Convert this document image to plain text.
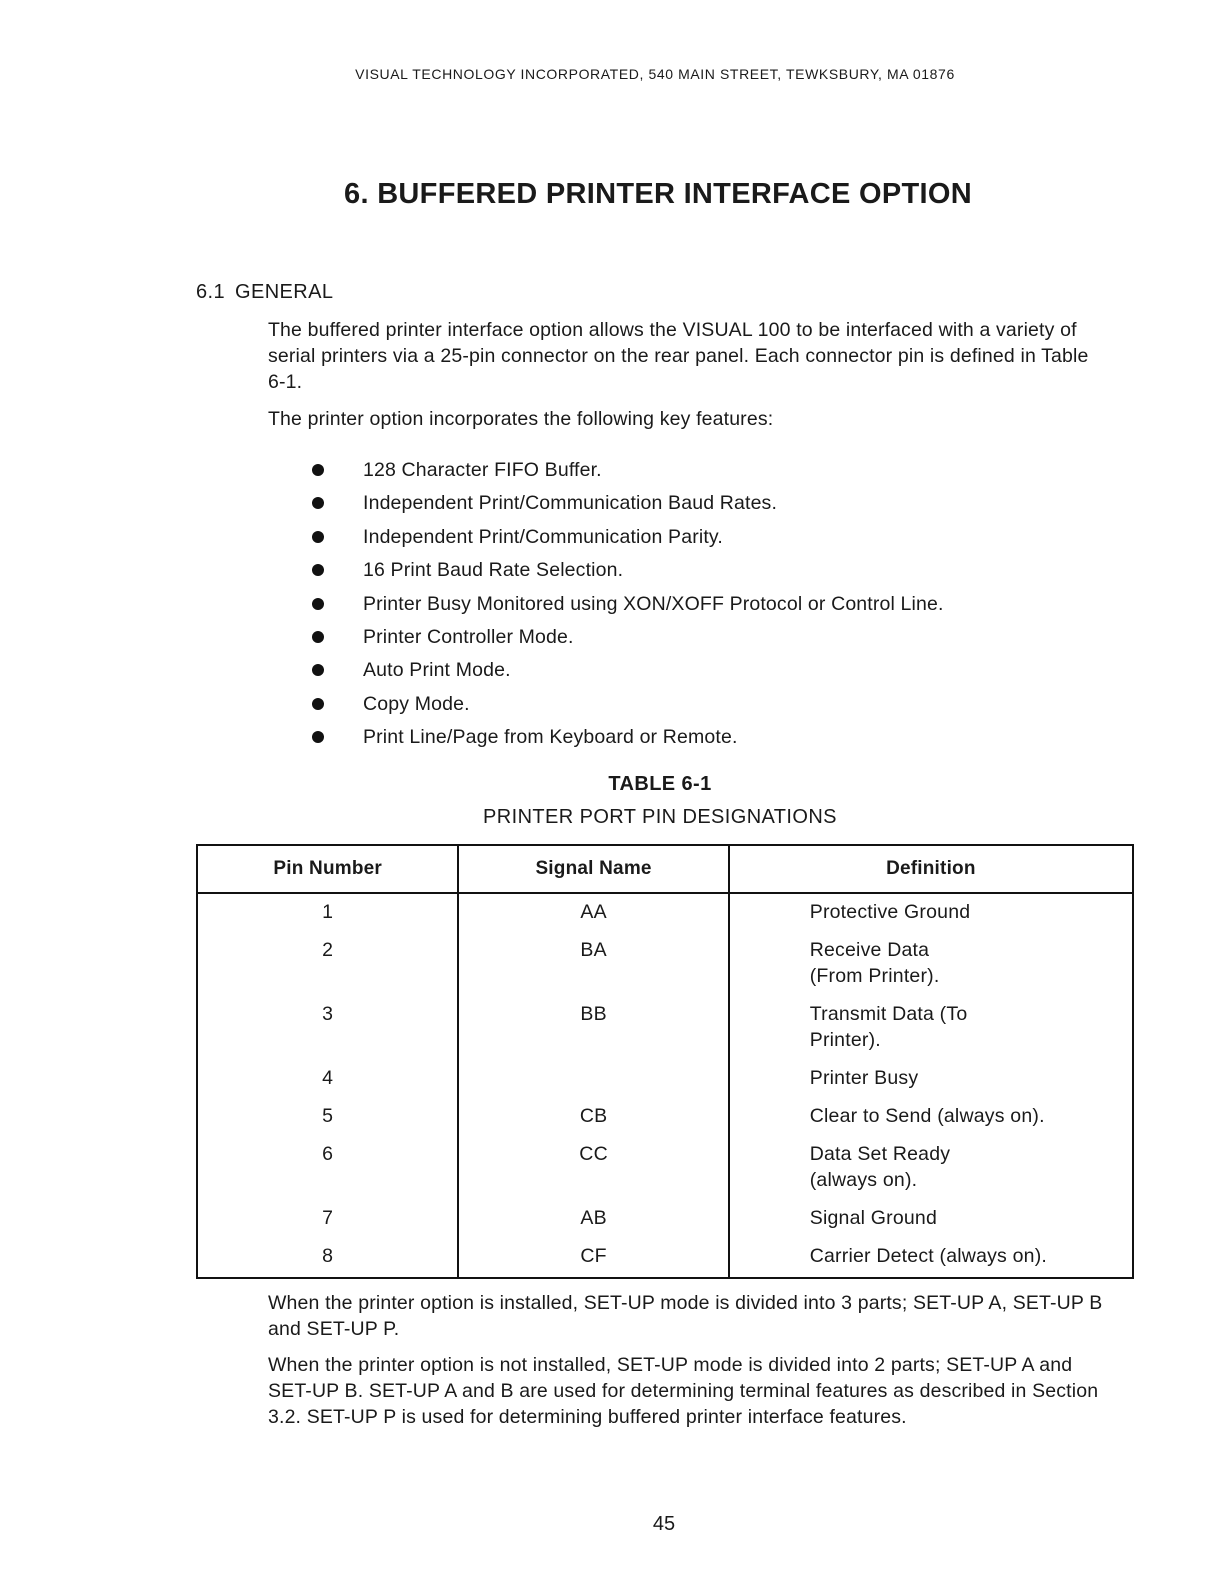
VISUAL TECHNOLOGY INCORPORATED, 540 MAIN STREET, TEWKSBURY, MA 01876
6. BUFFERED PRINTER INTERFACE OPTION
6.1 GENERAL

The buffered printer interface option allows the VISUAL 100 to be interfaced with a variety of serial printers via a 25-pin connector on the rear panel. Each connector pin is defined in Table 6-1.

The printer option incorporates the following key features:

128 Character FIFO Buffer.
Independent Print/Communication Baud Rates.
Independent Print/Communication Parity.
16 Print Baud Rate Selection.
Printer Busy Monitored using XON/XOFF Protocol or Control Line.
Printer Controller Mode.
Auto Print Mode.
Copy Mode.
Print Line/Page from Keyboard or Remote.
TABLE 6-1
PRINTER PORT PIN DESIGNATIONS
Pin Number	Signal Name	Definition
1	AA	Protective Ground

2	BA	Receive Data
(From Printer).

3	BB	Transmit Data (To
Printer).

4		Printer Busy

5	CB	Clear to Send (always on).

6	CC	Data Set Ready
(always on).

7	AB	Signal Ground

8	CF	Carrier Detect (always on).

When the printer option is installed, SET-UP mode is divided into 3 parts; SET-UP A, SET-UP B and SET-UP P.

When the printer option is not installed, SET-UP mode is divided into 2 parts; SET-UP A and SET-UP B. SET-UP A and B are used for determining terminal features as described in Section 3.2. SET-UP P is used for determining buffered printer interface features.

45
